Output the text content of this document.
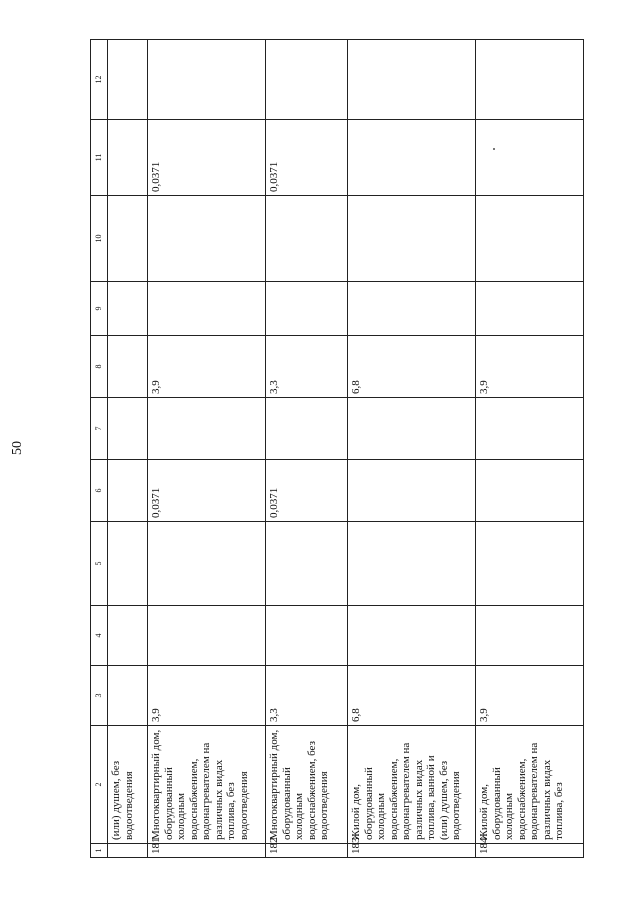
50
1	2	3	4	5	6	7	8	9	10	11	12
	(или) душем, без водоотведения										
181	Многоквартирный дом, оборудованный холодным водоснабжением, водонагревателем на различных видах топлива, без водоотведения	3,9			0,0371		3,9			0,0371	
182	Многоквартирный дом, оборудованный холодным водоснабжением, без водоотведения	3,3			0,0371		3,3			0,0371	
183	Жилой дом, оборудованный холодным водоснабжением, водонагревателем на различных видах топлива, ванной и (или) душем, без водоотведения	6,8					6,8				
184	Жилой дом, оборудованный холодным водоснабжением, водонагревателем на различных видах топлива, без	3,9					3,9				
